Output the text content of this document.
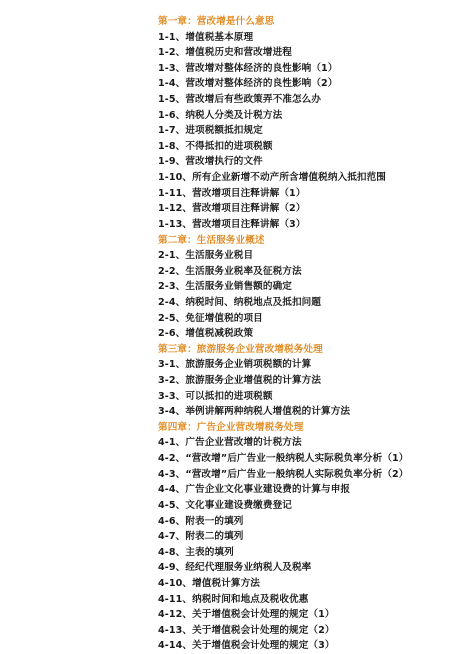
第一章：营改增是什么意思
1-1、增值税基本原理
1-2、增值税历史和营改增进程
1-3、营改增对整体经济的良性影响（1）
1-4、营改增对整体经济的良性影响（2）
1-5、营改增后有些政策弄不准怎么办
1-6、纳税人分类及计税方法
1-7、进项税额抵扣规定
1-8、不得抵扣的进项税额
1-9、营改增执行的文件
1-10、所有企业新增不动产所含增值税纳入抵扣范围
1-11、营改增项目注释讲解（1）
1-12、营改增项目注释讲解（2）
1-13、营改增项目注释讲解（3）
第二章：生活服务业概述
2-1、生活服务业税目
2-2、生活服务业税率及征税方法
2-3、生活服务业销售额的确定
2-4、纳税时间、纳税地点及抵扣问题
2-5、免征增值税的项目
2-6、增值税减税政策
第三章：旅游服务企业营改增税务处理
3-1、旅游服务企业销项税额的计算
3-2、旅游服务企业增值税的计算方法
3-3、可以抵扣的进项税额
3-4、举例讲解两种纳税人增值税的计算方法
第四章：广告企业营改增税务处理
4-1、广告企业营改增的计税方法
4-2、“营改增”后广告业一般纳税人实际税负率分析（1）
4-3、“营改增”后广告业一般纳税人实际税负率分析（2）
4-4、广告企业文化事业建设费的计算与申报
4-5、文化事业建设费缴费登记
4-6、附表一的填列
4-7、附表二的填列
4-8、主表的填列
4-9、经纪代理服务业纳税人及税率
4-10、增值税计算方法
4-11、纳税时间和地点及税收优惠
4-12、关于增值税会计处理的规定（1）
4-13、关于增值税会计处理的规定（2）
4-14、关于增值税会计处理的规定（3）
